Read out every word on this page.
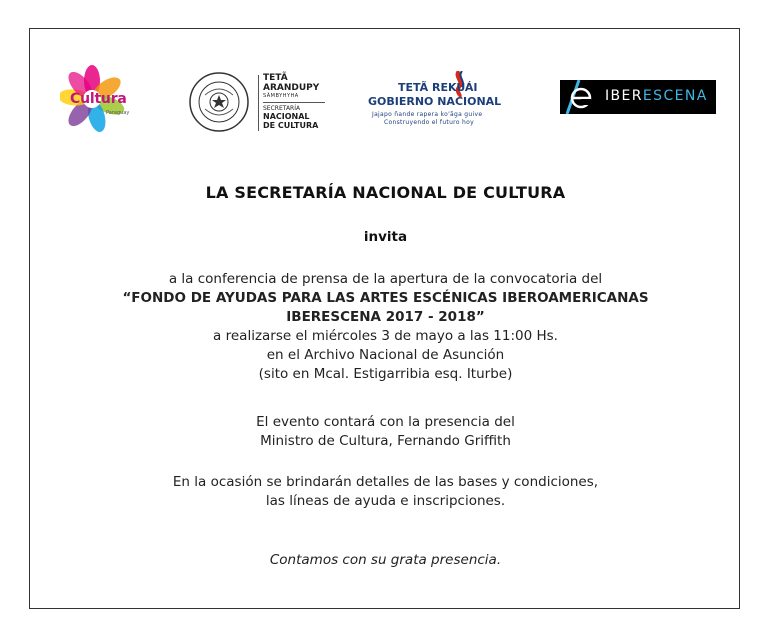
Cultura
Paraguay
TETÃ
ARANDUPY
SÃMBYHYHA
SECRETARÍA
NACIONAL
DE CULTURA
TETÃ REKUÁI
GOBIERNO NACIONAL
Jajapo ñande rapera ko'ãga guive
Construyendo el futuro hoy
IBERESCENA
LA SECRETARÍA NACIONAL DE CULTURA
invita
a la conferencia de prensa de la apertura de la convocatoria del
“FONDO DE AYUDAS PARA LAS ARTES ESCÉNICAS IBEROAMERICANAS
IBERESCENA 2017 - 2018”
a realizarse el miércoles 3 de mayo a las 11:00 Hs.
en el Archivo Nacional de Asunción
(sito en Mcal. Estigarribia esq. Iturbe)
El evento contará con la presencia del
Ministro de Cultura, Fernando Griffith
En la ocasión se brindarán detalles de las bases y condiciones,
las líneas de ayuda e inscripciones.
Contamos con su grata presencia.
